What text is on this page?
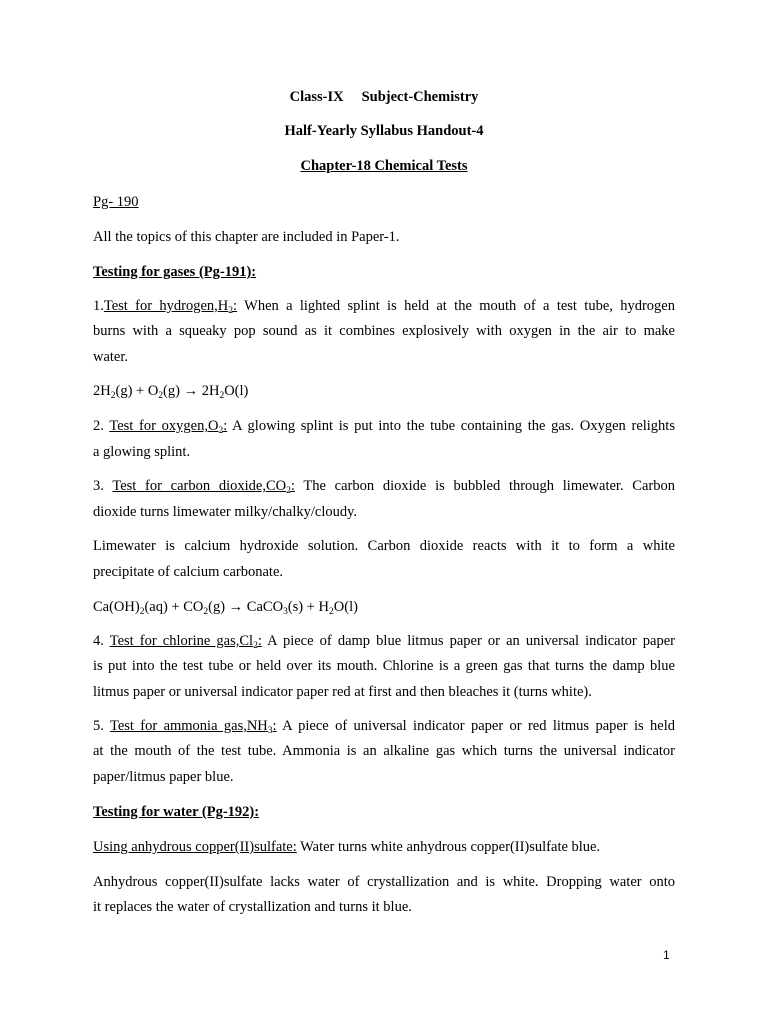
Class-IX Subject-Chemistry
Half-Yearly Syllabus Handout-4
Chapter-18 Chemical Tests
Pg- 190
All the topics of this chapter are included in Paper-1.
Testing for gases (Pg-191):
1.Test for $hydrogen,H_2$: When a lighted splint is held at the mouth of a test tube, hydrogen
burns with a squeaky pop sound as it combines explosively with oxygen in the air to make
water.
$2H_2(g) + O_2(g) \to 2H_2O(l)$
2. Test for $oxygen,O_2$: A glowing splint is put into the tube containing the gas. Oxygen relights
a glowing splint.
3. Test for carbon $dioxide,CO_2$: The carbon dioxide is bubbled through limewater. Carbon
dioxide turns limewater milky/chalky/cloudy.
Limewater is calcium hydroxide solution. Carbon dioxide reacts with it to form a white
precipitate of calcium carbonate.
$Ca(OH)_2(aq) + CO_2(g)$ → CaCO$_3$(s) + $H_2O(l)$
4. Test for chlorine $gas,Cl_2$: A piece of damp blue litmus paper or an universal indicator paper
is put into the test tube or held over its mouth. Chlorine is a green gas that turns the damp blue
litmus paper or universal indicator paper red at first and then bleaches it (turns white).
5. Test for ammonia $gas,NH_3$: A piece of universal indicator paper or red litmus paper is held
at the mouth of the test tube. Ammonia is an alkaline gas which turns the universal indicator
paper/litmus paper blue.
Testing for water (Pg-192):
Using anhydrous copper(II)sulfate: Water turns white anhydrous copper(II)sulfate blue.
Anhydrous copper(II)sulfate lacks water of crystallization and is white. Dropping water onto
it replaces the water of crystallization and turns it blue.
1
